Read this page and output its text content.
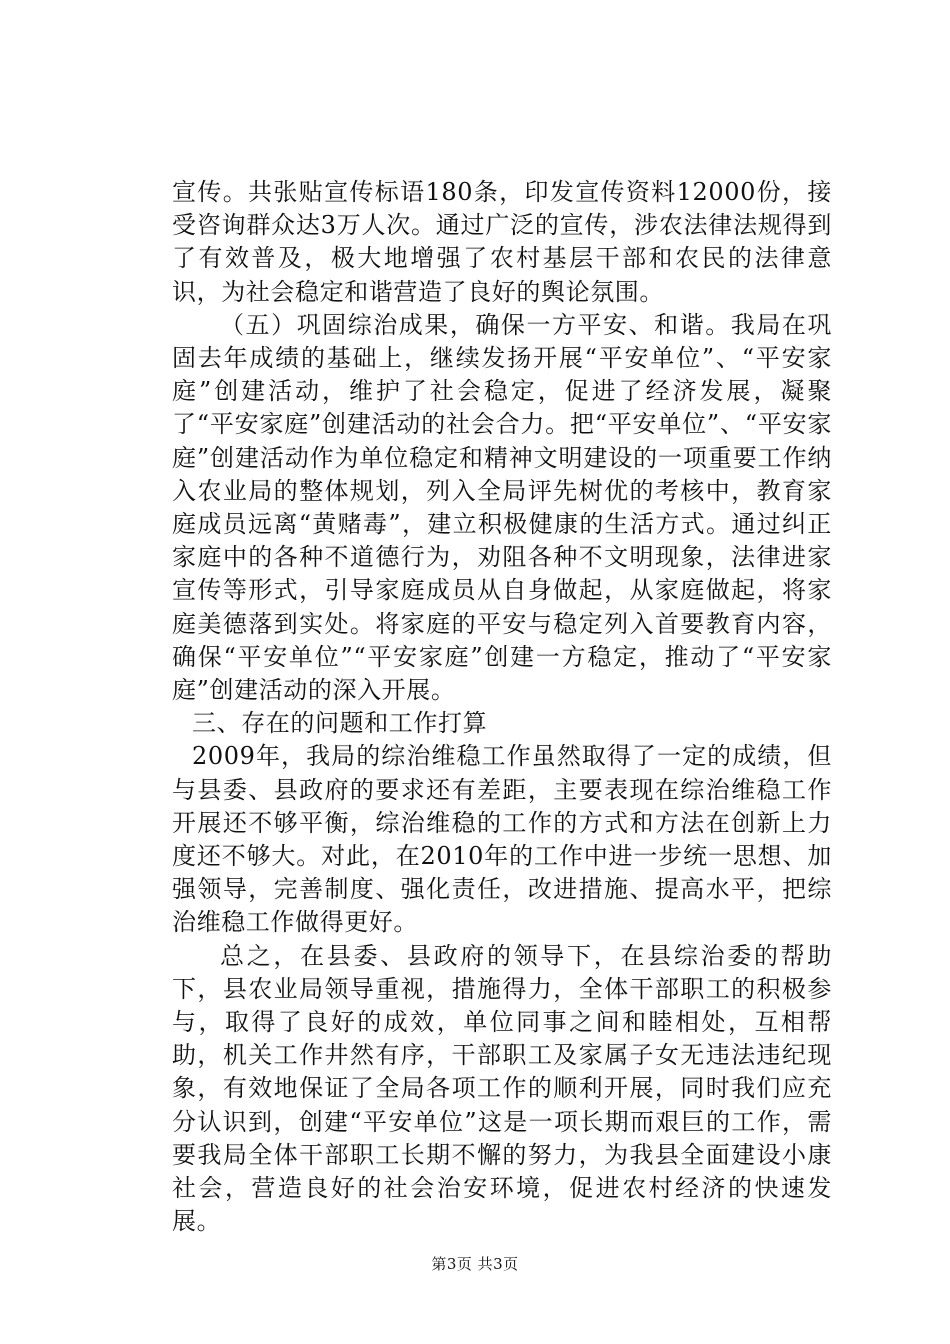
宣传。共张贴宣传标语180条，印发宣传资料12000份，接受咨询群众达3万人次。通过广泛的宣传，涉农法律法规得到了有效普及，极大地增强了农村基层干部和农民的法律意识，为社会稳定和谐营造了良好的舆论氛围。

（五）巩固综治成果，确保一方平安、和谐。我局在巩固去年成绩的基础上，继续发扬开展“平安单位”、“平安家庭”创建活动，维护了社会稳定，促进了经济发展，凝聚了“平安家庭”创建活动的社会合力。把“平安单位”、“平安家庭”创建活动作为单位稳定和精神文明建设的一项重要工作纳入农业局的整体规划，列入全局评先树优的考核中，教育家庭成员远离“黄赌毒”，建立积极健康的生活方式。通过纠正家庭中的各种不道德行为，劝阻各种不文明现象，法律进家宣传等形式，引导家庭成员从自身做起，从家庭做起，将家庭美德落到实处。将家庭的平安与稳定列入首要教育内容，确保“平安单位”“平安家庭”创建一方稳定，推动了“平安家庭”创建活动的深入开展。

三、存在的问题和工作打算

2009年，我局的综治维稳工作虽然取得了一定的成绩，但与县委、县政府的要求还有差距，主要表现在综治维稳工作开展还不够平衡，综治维稳的工作的方式和方法在创新上力度还不够大。对此，在2010年的工作中进一步统一思想、加强领导，完善制度、强化责任，改进措施、提高水平，把综治维稳工作做得更好。

总之，在县委、县政府的领导下，在县综治委的帮助下，县农业局领导重视，措施得力，全体干部职工的积极参与，取得了良好的成效，单位同事之间和睦相处，互相帮助，机关工作井然有序，干部职工及家属子女无违法违纪现象，有效地保证了全局各项工作的顺利开展，同时我们应充分认识到，创建“平安单位”这是一项长期而艰巨的工作，需要我局全体干部职工长期不懈的努力，为我县全面建设小康社会，营造良好的社会治安环境，促进农村经济的快速发展。

第3页 共3页
